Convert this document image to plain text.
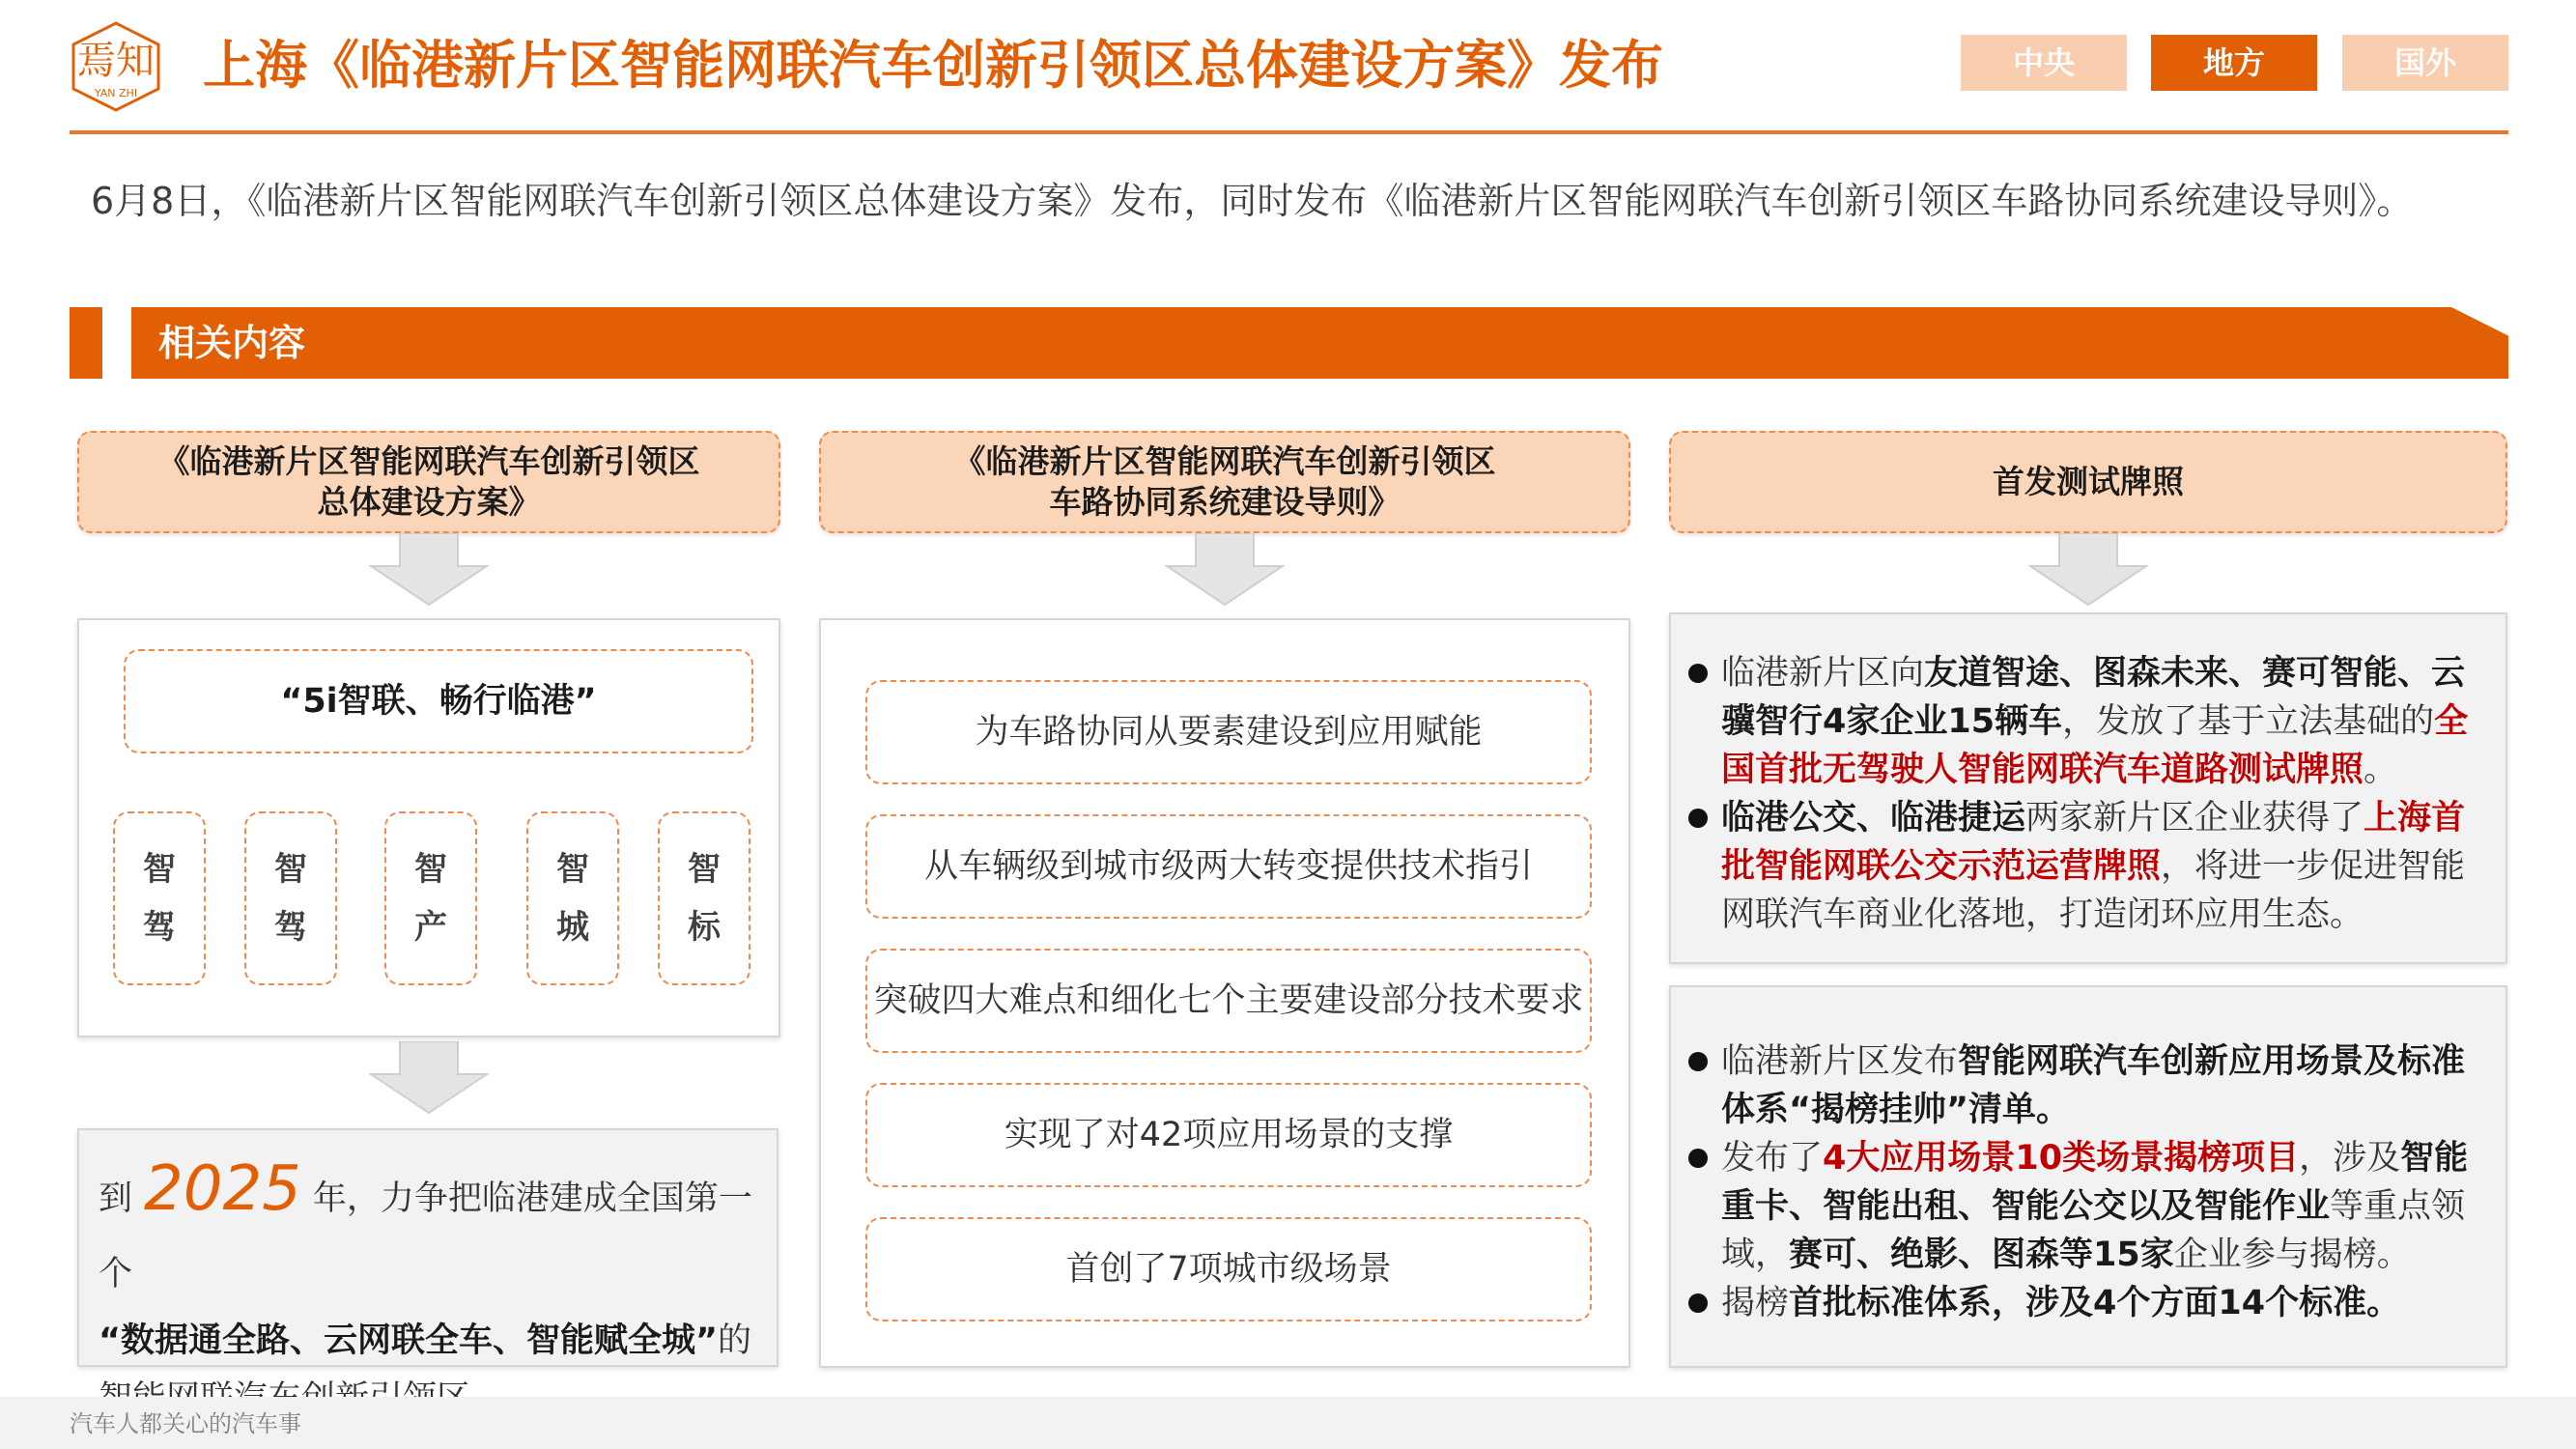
焉知
YAN ZHI 上海《临港新片区智能网联汽车创新引领区总体建设方案》发布	中央	地方	国外
6月8日，《临港新片区智能网联汽车创新引领区总体建设方案》发布，同时发布《临港新片区智能网联汽车创新引领区车路协同系统建设导则》。
相关内容
《临港新片区智能网联汽车创新引领区
总体建设方案》
《临港新片区智能网联汽车创新引领区
车路协同系统建设导则》
首发测试牌照
“5i智联、畅行临港”
智
驾
智
驾
智
产
智
城
智
标

到 2025 年，力争把临港建成全国第一个

“数据通全路、云网联全车、智能赋全城”的

为车路协同从要素建设到应用赋能
从车辆级到城市级两大转变提供技术指引
突破四大难点和细化七个主要建设部分技术要求
实现了对42项应用场景的支撑
首创了7项城市级场景

临港新片区向友道智途、图森未来、赛可智能、云骥智行4家企业15辆车，发放了基于立法基础的全国首批无驾驶人智能网联汽车道路测试牌照。

临港公交、临港捷运两家新片区企业获得了上海首批智能网联公交示范运营牌照，将进一步促进智能网联汽车商业化落地，打造闭环应用生态。

临港新片区发布智能网联汽车创新应用场景及标准体系“揭榜挂帅”清单。

发布了4大应用场景10类场景揭榜项目，涉及智能重卡、智能出租、智能公交以及智能作业等重点领域，赛可、绝影、图森等15家企业参与揭榜。

揭榜首批标准体系，涉及4个方面14个标准。

汽车人都关心的汽车事
